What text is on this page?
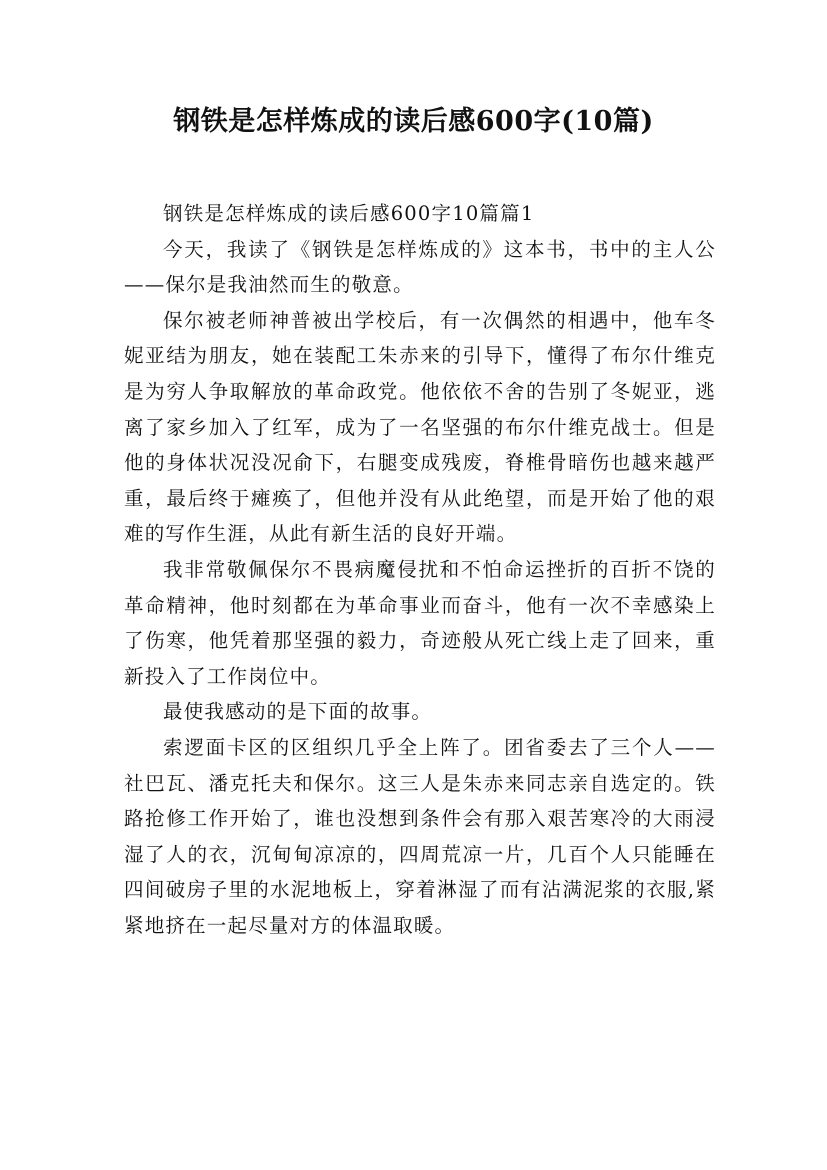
钢铁是怎样炼成的读后感600字(10篇)

钢铁是怎样炼成的读后感600字10篇篇1

今天，我读了《钢铁是怎样炼成的》这本书，书中的主人公——保尔是我油然而生的敬意。

保尔被老师神普被出学校后，有一次偶然的相遇中，他车冬妮亚结为朋友，她在装配工朱赤来的引导下，懂得了布尔什维克是为穷人争取解放的革命政党。他依依不舍的告别了冬妮亚，逃离了家乡加入了红军，成为了一名坚强的布尔什维克战士。但是他的身体状况没况俞下，右腿变成残废，脊椎骨暗伤也越来越严重，最后终于瘫痪了，但他并没有从此绝望，而是开始了他的艰难的写作生涯，从此有新生活的良好开端。

我非常敬佩保尔不畏病魔侵扰和不怕命运挫折的百折不饶的革命精神，他时刻都在为革命事业而奋斗，他有一次不幸感染上了伤寒，他凭着那坚强的毅力，奇迹般从死亡线上走了回来，重新投入了工作岗位中。

最使我感动的是下面的故事。

索逻面卡区的区组织几乎全上阵了。团省委去了三个人——社巴瓦、潘克托夫和保尔。这三人是朱赤来同志亲自选定的。铁路抢修工作开始了，谁也没想到条件会有那入艰苦寒冷的大雨浸湿了人的衣，沉甸甸凉凉的，四周荒凉一片，几百个人只能睡在四间破房子里的水泥地板上，穿着淋湿了而有沾满泥浆的衣服,紧紧地挤在一起尽量对方的体温取暖。
